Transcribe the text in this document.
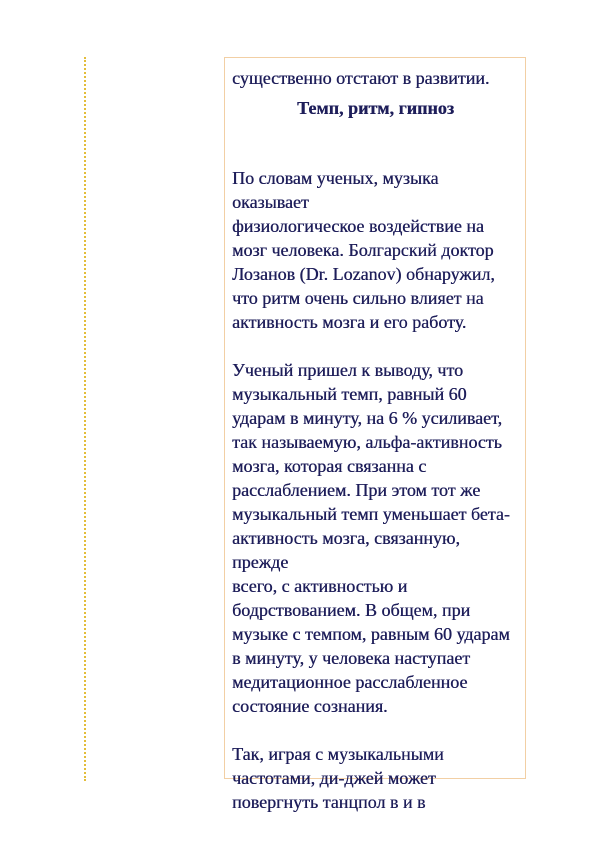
существенно отстают в развитии.

Темп, ритм, гипноз

По словам ученых, музыка оказывает
физиологическое воздействие на
мозг человека. Болгарский доктор
Лозанов (Dr. Lozanov) обнаружил,
что ритм очень сильно влияет на
активность мозга и его работу.

Ученый пришел к выводу, что
музыкальный темп, равный 60
ударам в минуту, на 6 % усиливает,
так называемую, альфа-активность
мозга, которая связанна с
расслаблением. При этом тот же
музыкальный темп уменьшает бета-
активность мозга, связанную, прежде
всего, с активностью и
бодрствованием. В общем, при
музыке с темпом, равным 60 ударам
в минуту, у человека наступает
медитационное расслабленное
состояние сознания.

Так, играя с музыкальными
частотами, ди-джей может
повергнуть танцпол в и в
